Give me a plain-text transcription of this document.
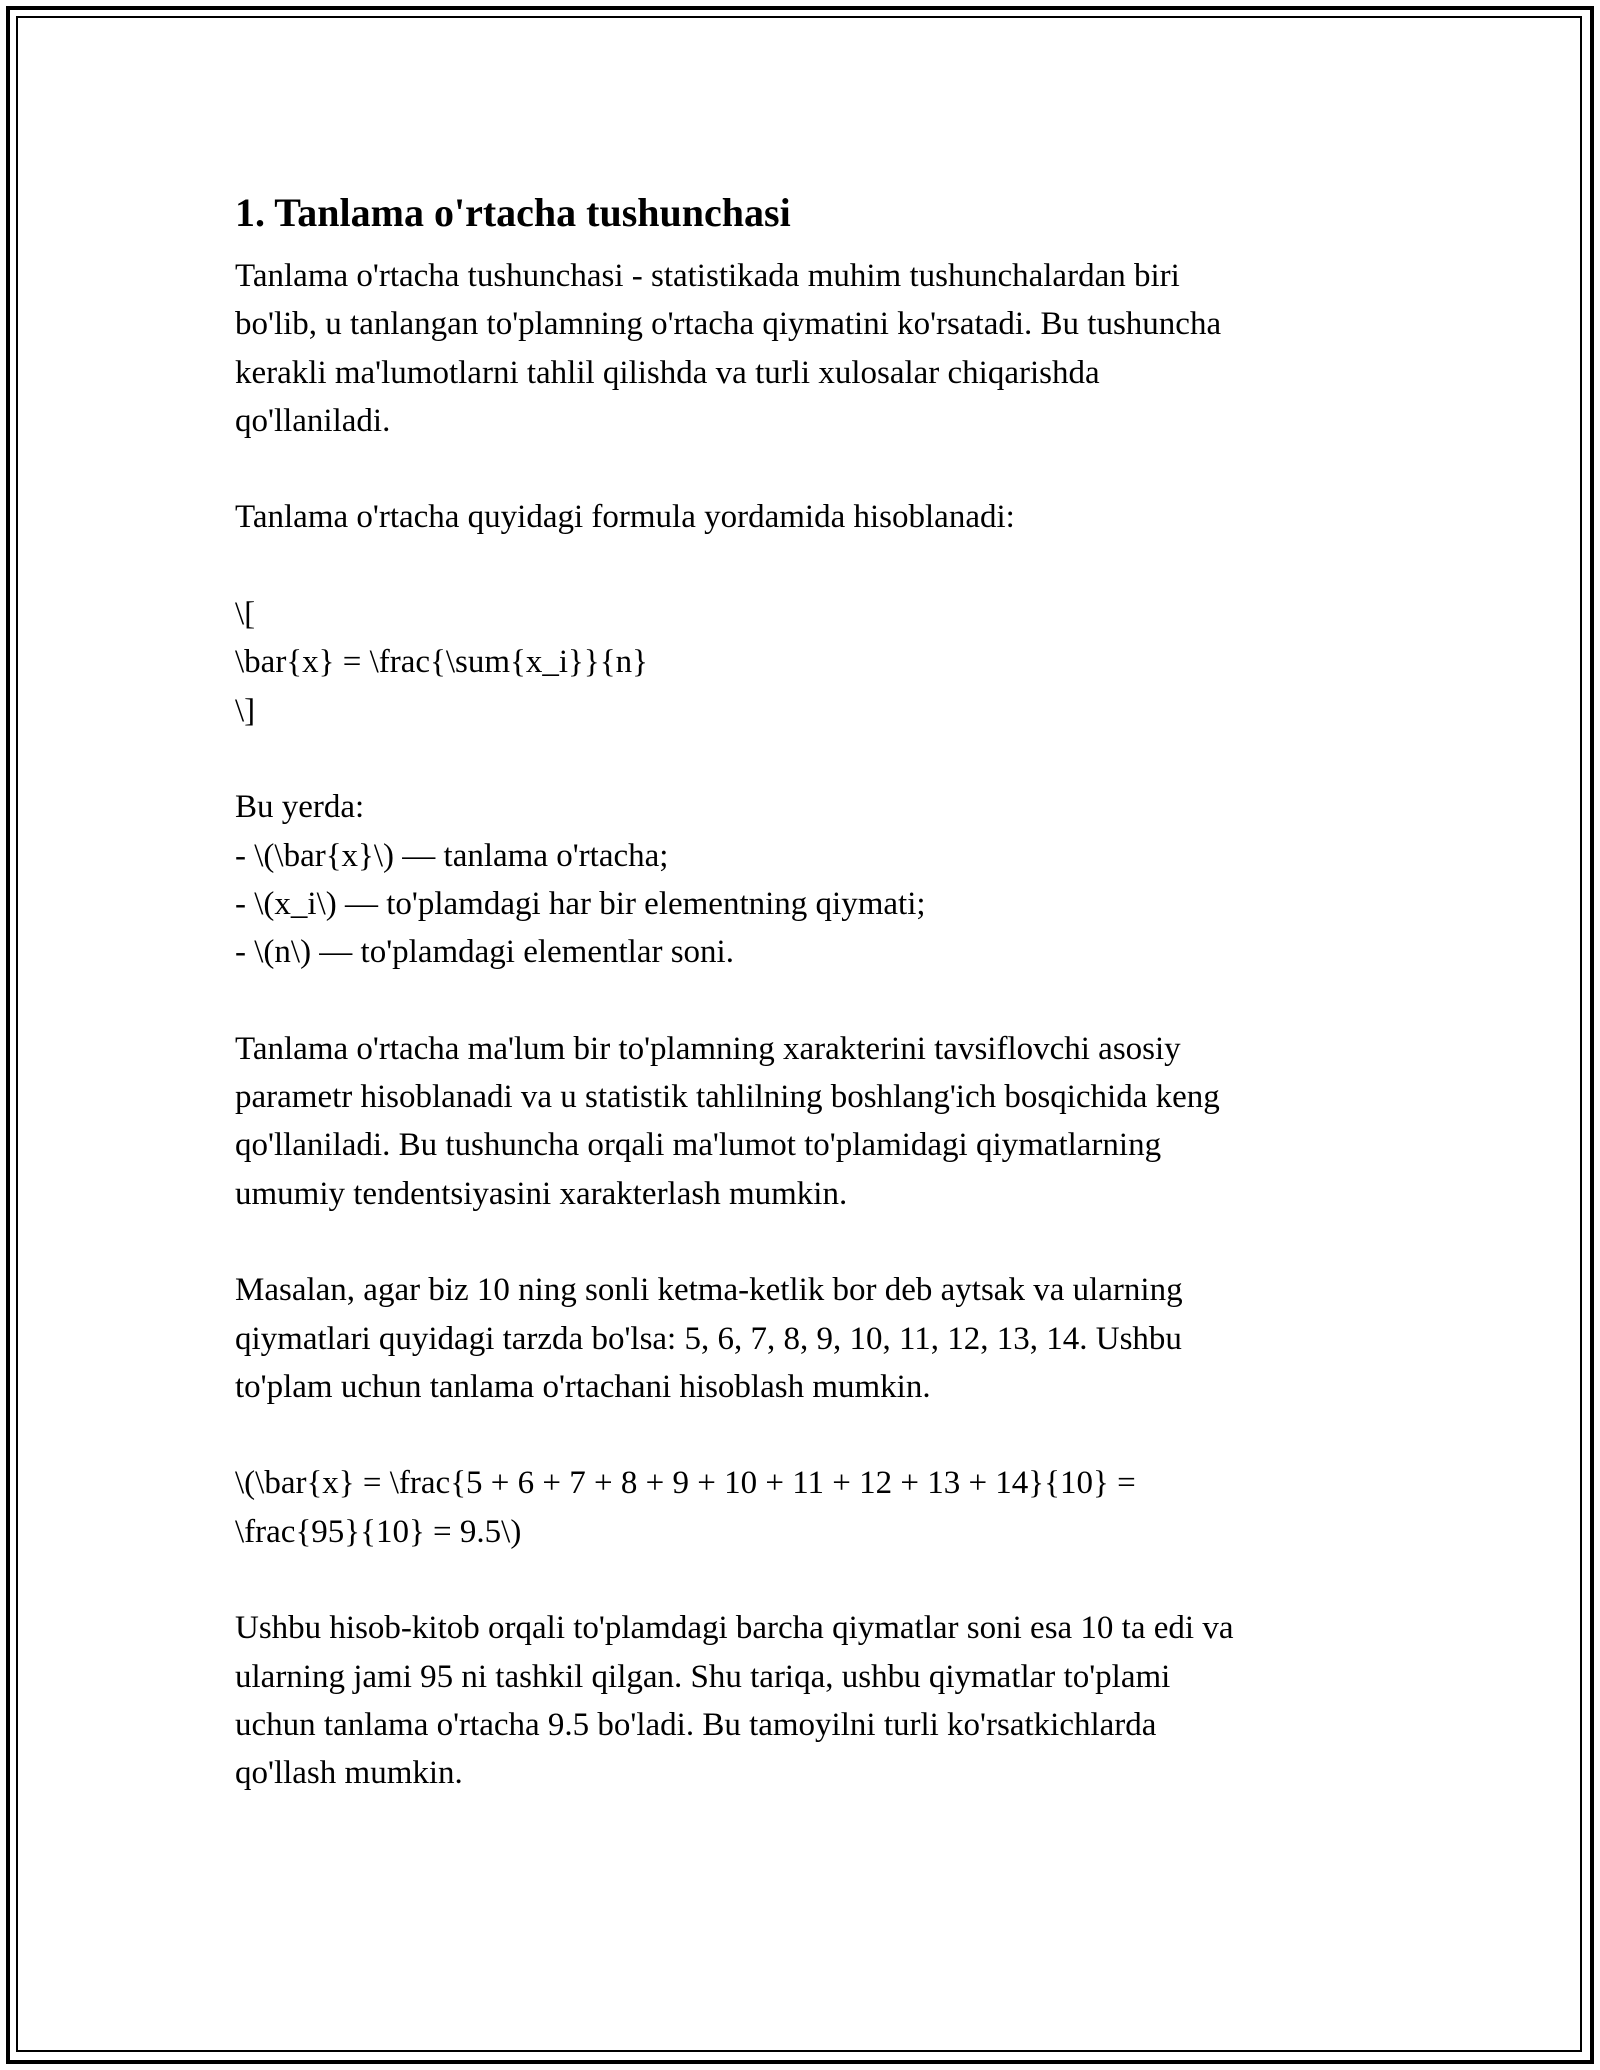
1. Tanlama o'rtacha tushunchasi
Tanlama o'rtacha tushunchasi - statistikada muhim tushunchalardan biri
bo'lib, u tanlangan to'plamning o'rtacha qiymatini ko'rsatadi. Bu tushuncha
kerakli ma'lumotlarni tahlil qilishda va turli xulosalar chiqarishda
qo'llaniladi.
Tanlama o'rtacha quyidagi formula yordamida hisoblanadi:
\[
\bar{x} = \frac{\sum{x_i}}{n}
\]
Bu yerda:
- \(\bar{x}\) — tanlama o'rtacha;
- \(x_i\) — to'plamdagi har bir elementning qiymati;
- \(n\) — to'plamdagi elementlar soni.
Tanlama o'rtacha ma'lum bir to'plamning xarakterini tavsiflovchi asosiy
parametr hisoblanadi va u statistik tahlilning boshlang'ich bosqichida keng
qo'llaniladi. Bu tushuncha orqali ma'lumot to'plamidagi qiymatlarning
umumiy tendentsiyasini xarakterlash mumkin.
Masalan, agar biz 10 ning sonli ketma-ketlik bor deb aytsak va ularning
qiymatlari quyidagi tarzda bo'lsa: 5, 6, 7, 8, 9, 10, 11, 12, 13, 14. Ushbu
to'plam uchun tanlama o'rtachani hisoblash mumkin.
\(\bar{x} = \frac{5 + 6 + 7 + 8 + 9 + 10 + 11 + 12 + 13 + 14}{10} =
\frac{95}{10} = 9.5\)
Ushbu hisob-kitob orqali to'plamdagi barcha qiymatlar soni esa 10 ta edi va
ularning jami 95 ni tashkil qilgan. Shu tariqa, ushbu qiymatlar to'plami
uchun tanlama o'rtacha 9.5 bo'ladi. Bu tamoyilni turli ko'rsatkichlarda
qo'llash mumkin.
